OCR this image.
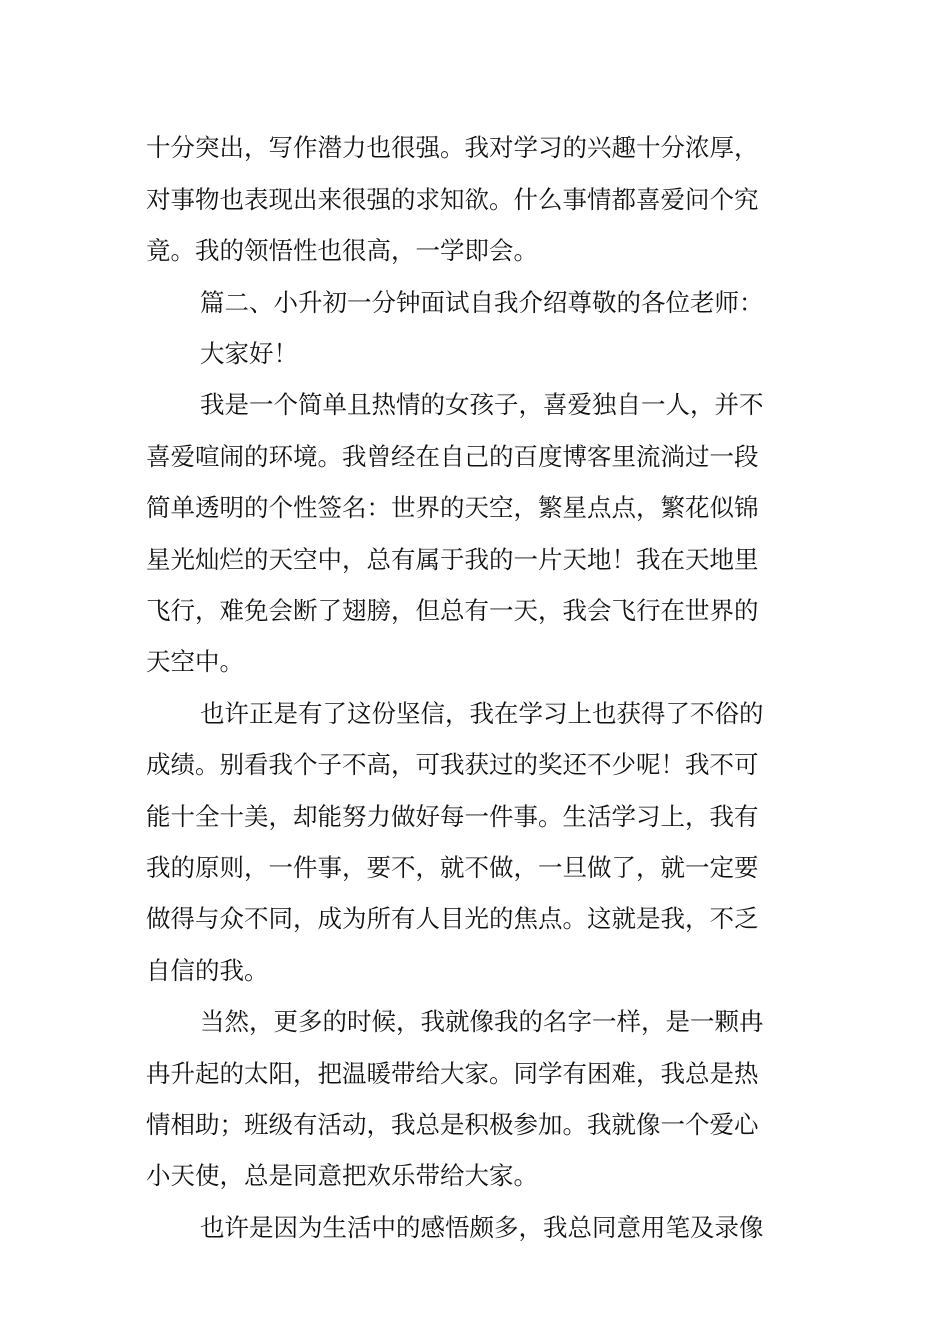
十分突出，写作潜力也很强。我对学习的兴趣十分浓厚，
对事物也表现出来很强的求知欲。什么事情都喜爱问个究
竟。我的领悟性也很高，一学即会。
篇二、小升初一分钟面试自我介绍尊敬的各位老师：
大家好！
我是一个简单且热情的女孩子，喜爱独自一人，并不
喜爱喧闹的环境。我曾经在自己的百度博客里流淌过一段
简单透明的个性签名：世界的天空，繁星点点，繁花似锦
星光灿烂的天空中，总有属于我的一片天地！我在天地里
飞行，难免会断了翅膀，但总有一天，我会飞行在世界的
天空中。
也许正是有了这份坚信，我在学习上也获得了不俗的
成绩。别看我个子不高，可我获过的奖还不少呢！我不可
能十全十美，却能努力做好每一件事。生活学习上，我有
我的原则，一件事，要不，就不做，一旦做了，就一定要
做得与众不同，成为所有人目光的焦点。这就是我，不乏
自信的我。
当然，更多的时候，我就像我的名字一样，是一颗冉
冉升起的太阳，把温暖带给大家。同学有困难，我总是热
情相助；班级有活动，我总是积极参加。我就像一个爱心
小天使，总是同意把欢乐带给大家。
也许是因为生活中的感悟颇多，我总同意用笔及录像
